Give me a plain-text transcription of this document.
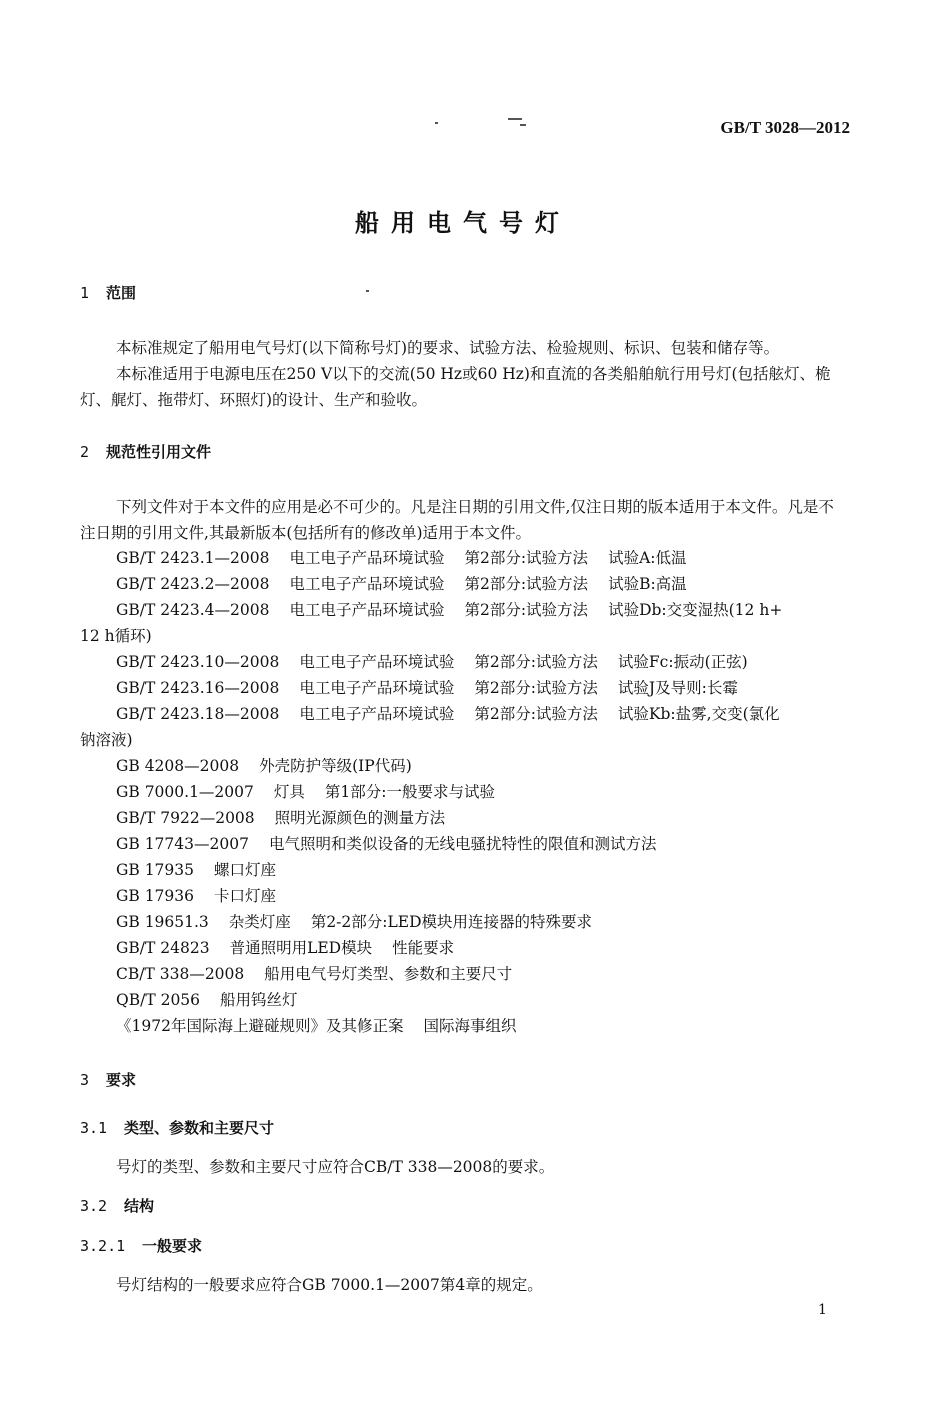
GB/T 3028—2012
船用电气号灯
1 范围
本标准规定了船用电气号灯(以下简称号灯)的要求、试验方法、检验规则、标识、包装和储存等。
本标准适用于电源电压在250 V以下的交流(50 Hz或60 Hz)和直流的各类船舶航行用号灯(包括舷灯、桅灯、艉灯、拖带灯、环照灯)的设计、生产和验收。
2 规范性引用文件
下列文件对于本文件的应用是必不可少的。凡是注日期的引用文件,仅注日期的版本适用于本文件。凡是不注日期的引用文件,其最新版本(包括所有的修改单)适用于本文件。
GB/T 2423.1—2008 电工电子产品环境试验 第2部分:试验方法 试验A:低温
GB/T 2423.2—2008 电工电子产品环境试验 第2部分:试验方法 试验B:高温
GB/T 2423.4—2008 电工电子产品环境试验 第2部分:试验方法 试验Db:交变湿热(12 h+
12 h循环)
GB/T 2423.10—2008 电工电子产品环境试验 第2部分:试验方法 试验Fc:振动(正弦)
GB/T 2423.16—2008 电工电子产品环境试验 第2部分:试验方法 试验J及导则:长霉
GB/T 2423.18—2008 电工电子产品环境试验 第2部分:试验方法 试验Kb:盐雾,交变(氯化
钠溶液)
GB 4208—2008 外壳防护等级(IP代码)
GB 7000.1—2007 灯具 第1部分:一般要求与试验
GB/T 7922—2008 照明光源颜色的测量方法
GB 17743—2007 电气照明和类似设备的无线电骚扰特性的限值和测试方法
GB 17935 螺口灯座
GB 17936 卡口灯座
GB 19651.3 杂类灯座 第2-2部分:LED模块用连接器的特殊要求
GB/T 24823 普通照明用LED模块 性能要求
CB/T 338—2008 船用电气号灯类型、参数和主要尺寸
QB/T 2056 船用钨丝灯
《1972年国际海上避碰规则》及其修正案 国际海事组织
3 要求
3.1 类型、参数和主要尺寸
号灯的类型、参数和主要尺寸应符合CB/T 338—2008的要求。
3.2 结构
3.2.1 一般要求
号灯结构的一般要求应符合GB 7000.1—2007第4章的规定。
1
